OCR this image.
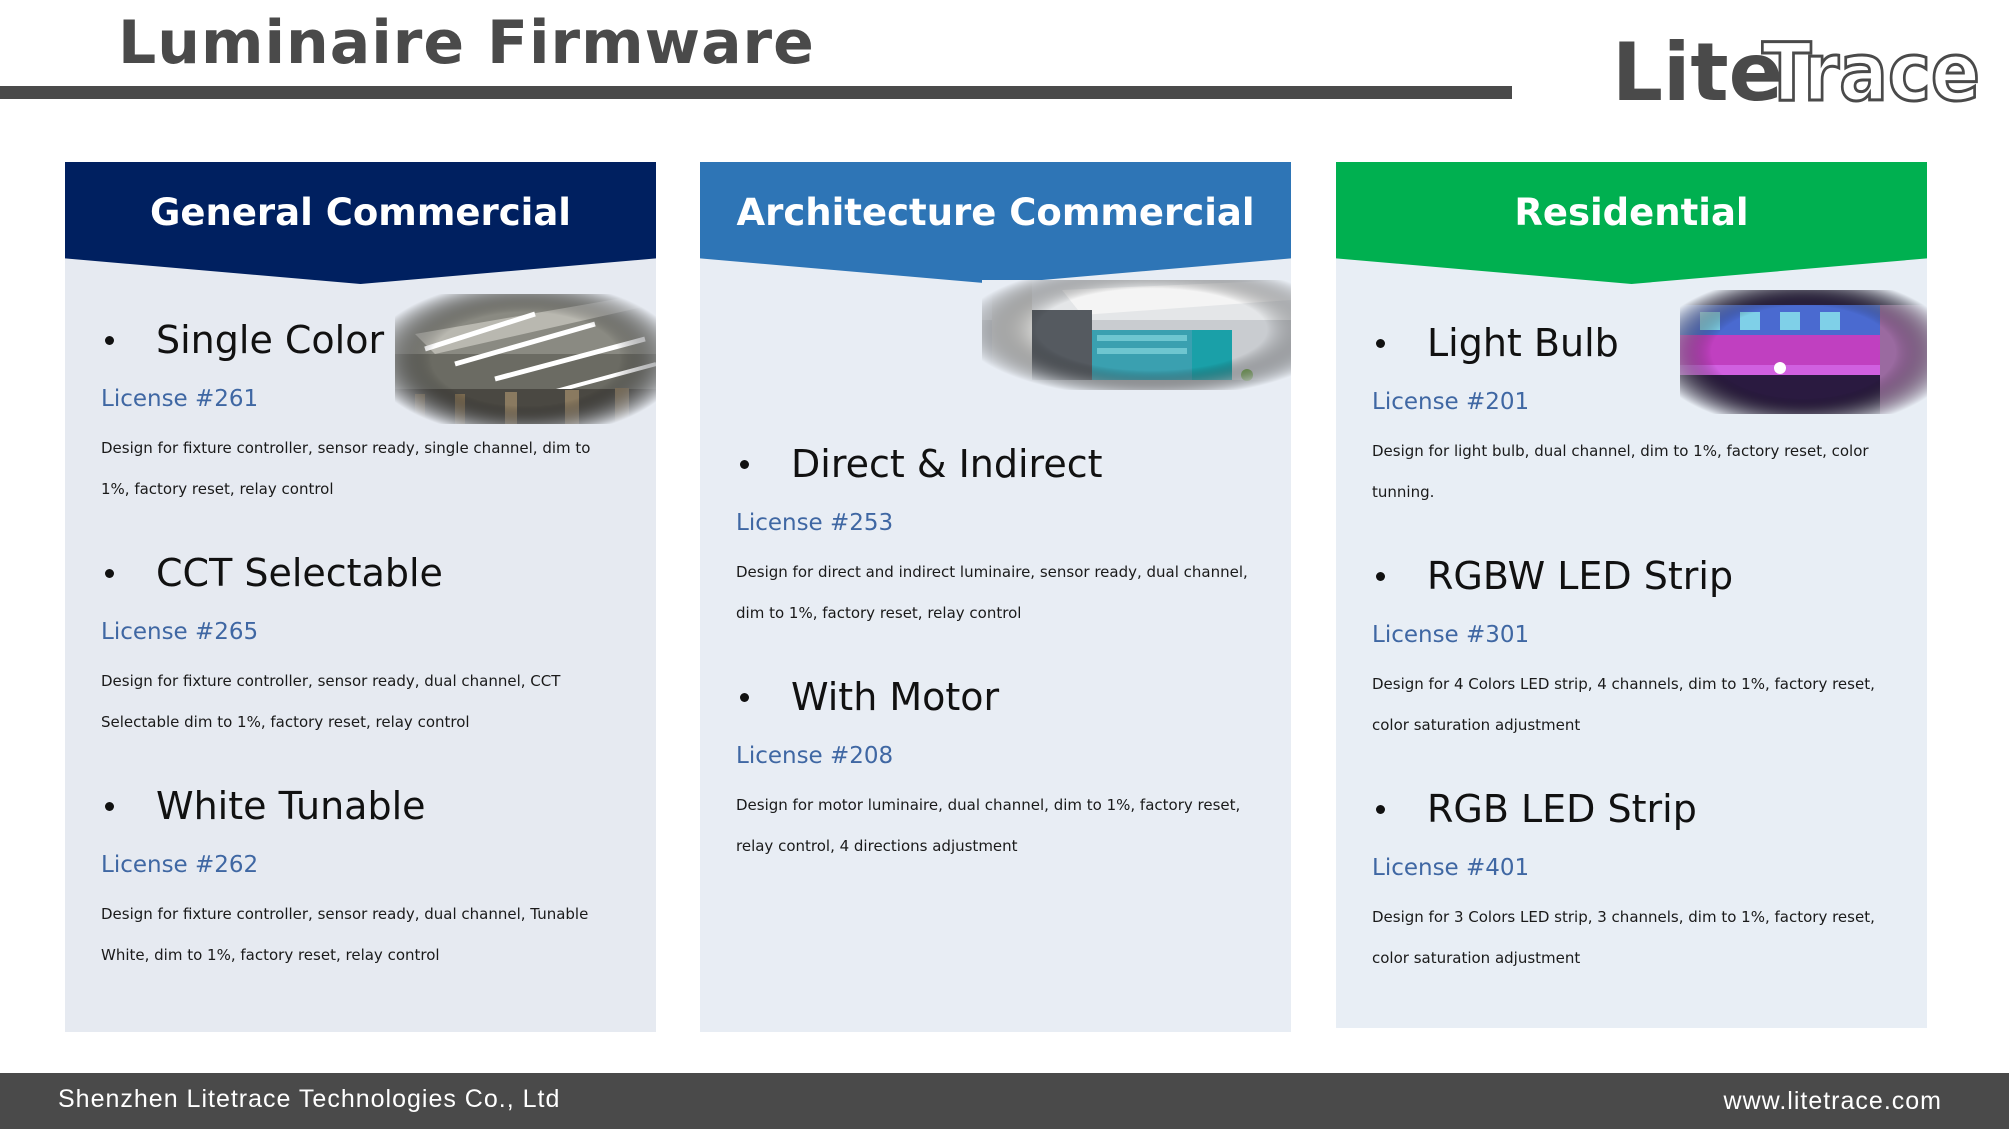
Luminaire Firmware	Lite
Trace
General Commercial
Single Color
License #261
Design for fixture controller, sensor ready, single channel, dim to 1%, factory reset, relay control
CCT Selectable
License #265
Design for fixture controller, sensor ready, dual channel, CCT Selectable dim to 1%, factory reset, relay control
White Tunable
License #262
Design for fixture controller, sensor ready, dual channel, Tunable White, dim to 1%, factory reset, relay control
Architecture Commercial
Direct & Indirect
License #253
Design for direct and indirect luminaire, sensor ready, dual channel, dim to 1%, factory reset, relay control
With Motor
License #208
Design for motor luminaire, dual channel, dim to 1%, factory reset, relay control, 4 directions adjustment
Residential
Light Bulb
License #201
Design for light bulb, dual channel, dim to 1%, factory reset, color tunning.
RGBW LED Strip
License #301
Design for 4 Colors LED strip, 4 channels, dim to 1%, factory reset, color saturation adjustment
RGB LED Strip
License #401
Design for 3 Colors LED strip, 3 channels, dim to 1%, factory reset, color saturation adjustment
Shenzhen Litetrace Technologies Co., Ltd	www.litetrace.com
